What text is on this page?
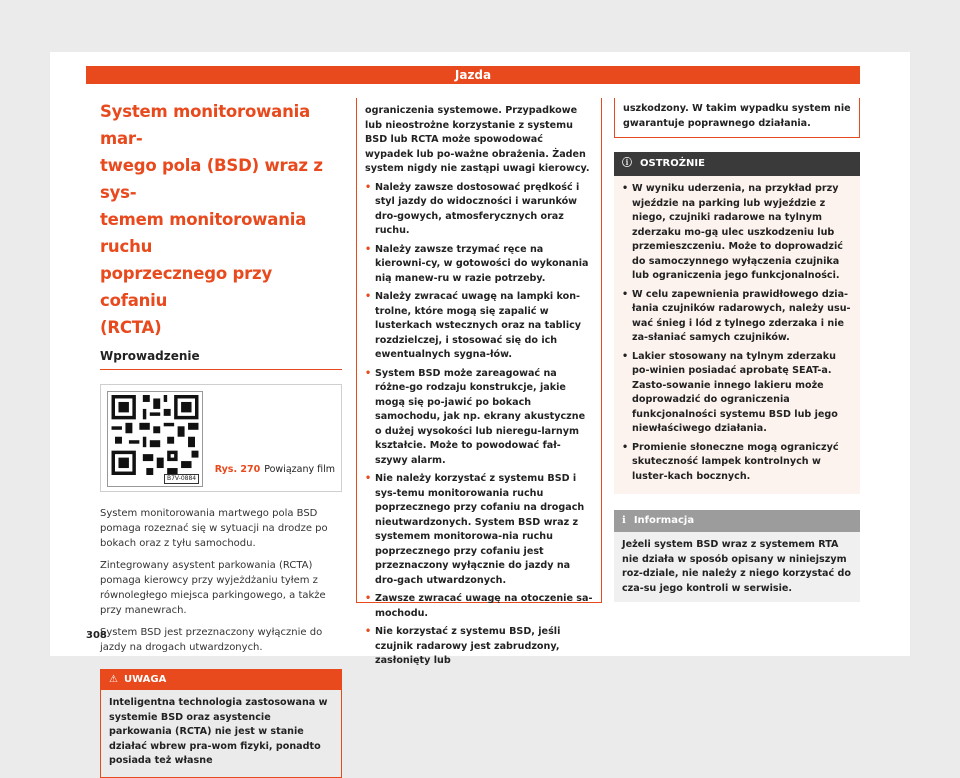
Jazda
System monitorowania mar-
twego pola (BSD) wraz z sys-
temem monitorowania ruchu
poprzecznego przy cofaniu
(RCTA)
Wprowadzenie
B7V-0884
Rys. 270 Powiązany film

System monitorowania martwego pola BSD pomaga rozeznać się w sytuacji na drodze po bokach oraz z tyłu samochodu.

Zintegrowany asystent parkowania (RCTA) pomaga kierowcy przy wyjeżdżaniu tyłem z równoległego miejsca parkingowego, a także przy manewrach.

System BSD jest przeznaczony wyłącznie do jazdy na drogach utwardzonych.

⚠ UWAGA

Inteligentna technologia zastosowana w systemie BSD oraz asystencie parkowania (RCTA) nie jest w stanie działać wbrew pra-wom fizyki, ponadto posiada też własne

ograniczenia systemowe. Przypadkowe lub nieostrożne korzystanie z systemu BSD lub RCTA może spowodować wypadek lub po-ważne obrażenia. Żaden system nigdy nie zastąpi uwagi kierowcy.

• Należy zawsze dostosować prędkość i styl jazdy do widoczności i warunków dro-gowych, atmosferycznych oraz ruchu.
• Należy zawsze trzymać ręce na kierowni-cy, w gotowości do wykonania nią manew-ru w razie potrzeby.
• Należy zwracać uwagę na lampki kon-trolne, które mogą się zapalić w lusterkach wstecznych oraz na tablicy rozdzielczej, i stosować się do ich ewentualnych sygna-łów.
• System BSD może zareagować na różne-go rodzaju konstrukcje, jakie mogą się po-jawić po bokach samochodu, jak np. ekrany akustyczne o dużej wysokości lub nieregu-larnym kształcie. Może to powodować fał-szywy alarm.
• Nie należy korzystać z systemu BSD i sys-temu monitorowania ruchu poprzecznego przy cofaniu na drogach nieutwardzonych. System BSD wraz z systemem monitorowa-nia ruchu poprzecznego przy cofaniu jest przeznaczony wyłącznie do jazdy na dro-gach utwardzonych.
• Zawsze zwracać uwagę na otoczenie sa-mochodu.
• Nie korzystać z systemu BSD, jeśli czujnik radarowy jest zabrudzony, zasłonięty lub

uszkodzony. W takim wypadku system nie gwarantuje poprawnego działania.

ⓘ OSTROŻNIE
• W wyniku uderzenia, na przykład przy wjeździe na parking lub wyjeździe z niego, czujniki radarowe na tylnym zderzaku mo-gą ulec uszkodzeniu lub przemieszczeniu. Może to doprowadzić do samoczynnego wyłączenia czujnika lub ograniczenia jego funkcjonalności.
• W celu zapewnienia prawidłowego dzia-łania czujników radarowych, należy usu-wać śnieg i lód z tylnego zderzaka i nie za-słaniać samych czujników.
• Lakier stosowany na tylnym zderzaku po-winien posiadać aprobatę SEAT-a. Zasto-sowanie innego lakieru może doprowadzić do ograniczenia funkcjonalności systemu BSD lub jego niewłaściwego działania.
• Promienie słoneczne mogą ograniczyć skuteczność lampek kontrolnych w luster-kach bocznych.
ℹ Informacja
Jeżeli system BSD wraz z systemem RTA nie działa w sposób opisany w niniejszym roz-dziale, nie należy z niego korzystać do cza-su jego kontroli w serwisie.
308
